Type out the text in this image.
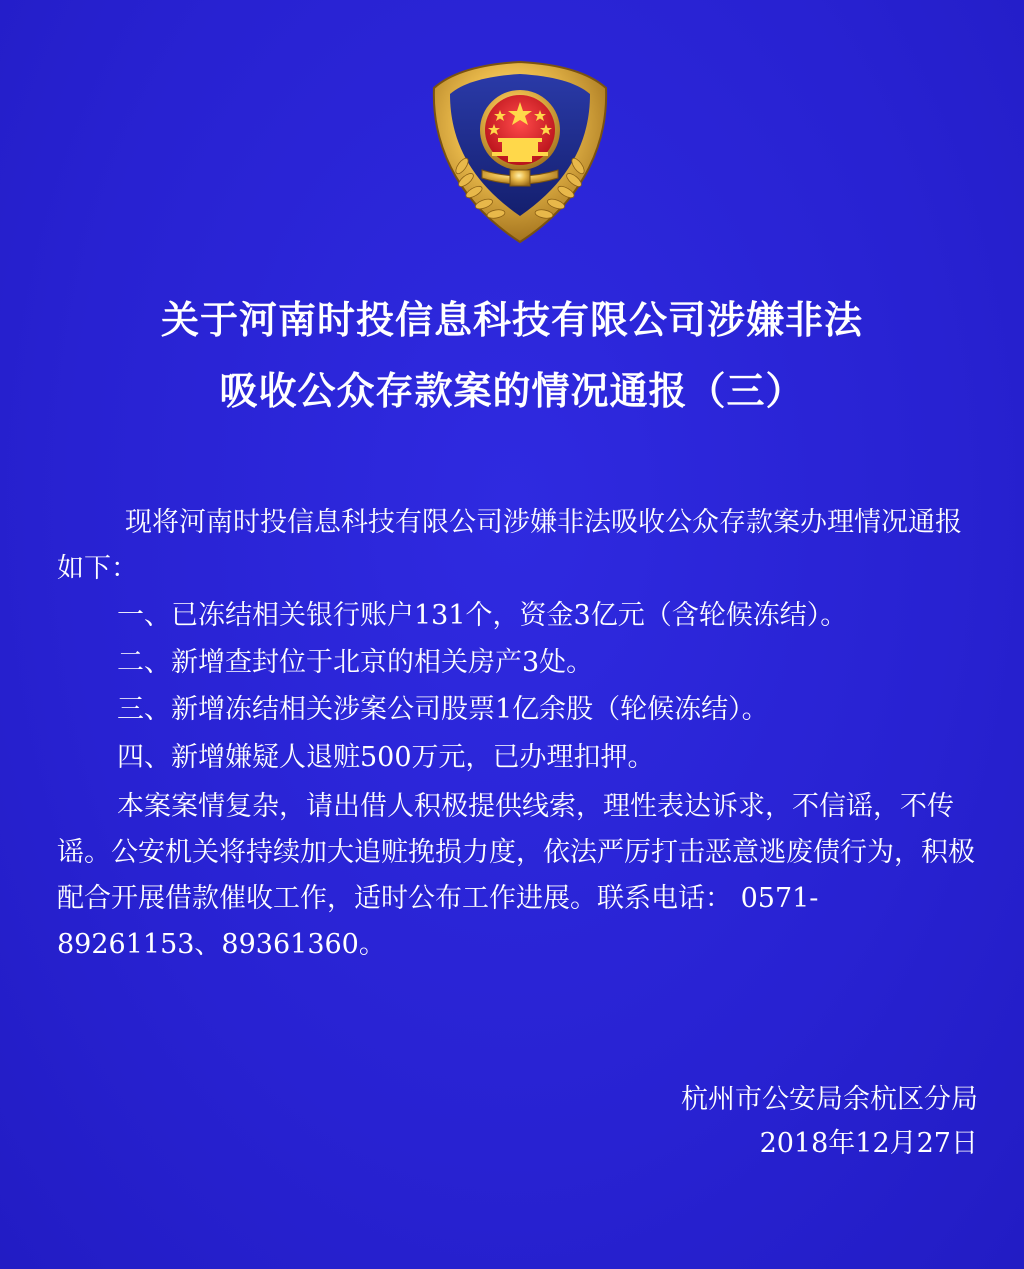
关于河南时投信息科技有限公司涉嫌非法
吸收公众存款案的情况通报（三）

现将河南时投信息科技有限公司涉嫌非法吸收公众存款案办理情况通报如下：

一、已冻结相关银行账户131个，资金3亿元（含轮候冻结）。

二、新增查封位于北京的相关房产3处。

三、新增冻结相关涉案公司股票1亿余股（轮候冻结）。

四、新增嫌疑人退赃500万元，已办理扣押。

本案案情复杂，请出借人积极提供线索，理性表达诉求，不信谣，不传谣。公安机关将持续加大追赃挽损力度，依法严厉打击恶意逃废债行为，积极配合开展借款催收工作，适时公布工作进展。联系电话： 0571-89261153、89361360。

杭州市公安局余杭区分局

2018年12月27日
